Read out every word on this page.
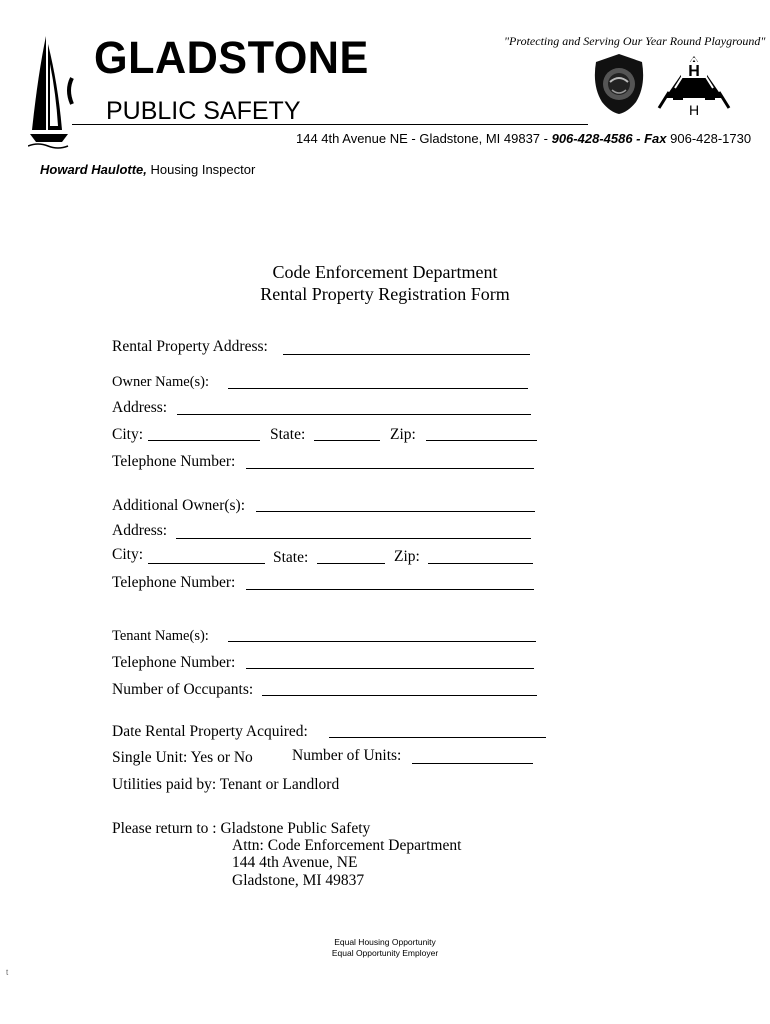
GLADSTONE
PUBLIC SAFETY
"Protecting and Serving Our Year Round Playground"
H
H
144 4th Avenue NE - Gladstone, MI 49837 - 906-428-4586 - Fax 906-428-1730
Howard Haulotte, Housing Inspector
Code Enforcement Department
Rental Property Registration Form
Rental Property Address:
Owner Name(s):
Address:
City:	State:	Zip:
Telephone Number:
Additional Owner(s):
Address:
City:	State:	Zip:
Telephone Number:
Tenant Name(s):
Telephone Number:
Number of Occupants:
Date Rental Property Acquired:
Single Unit: Yes or No	Number of Units:
Utilities paid by: Tenant or Landlord
Please return to : Gladstone Public Safety
Attn: Code Enforcement Department
144 4th Avenue, NE
Gladstone, MI 49837
Equal Housing Opportunity
Equal Opportunity Employer
t
